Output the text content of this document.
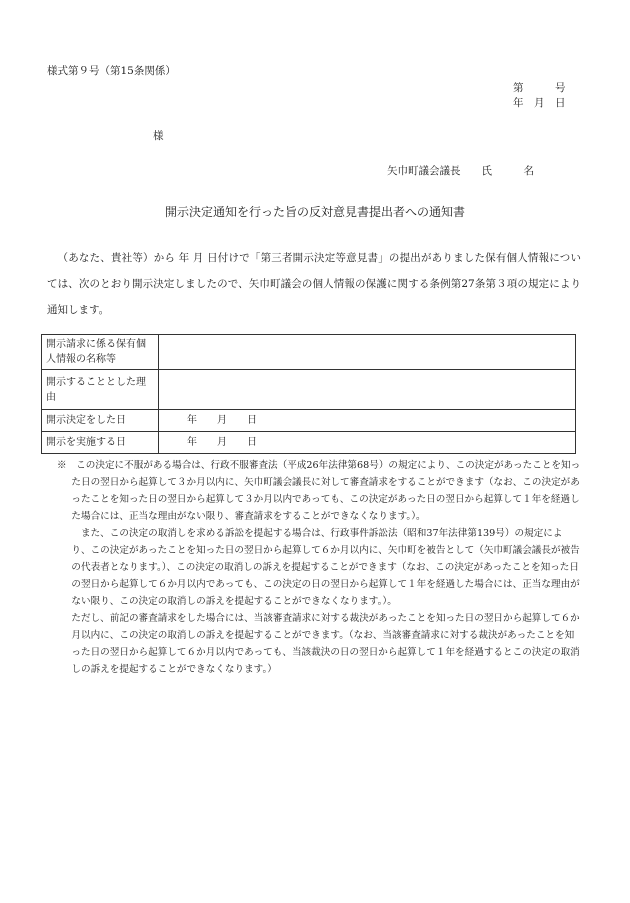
様式第９号（第15条関係）
第　　　号
年　月　日
様
矢巾町議会議長　　氏　　　名
開示決定通知を行った旨の反対意見書提出者への通知書
（あなた、貴社等）から 年 月 日付けで「第三者開示決定等意見書」の提出がありました保有個人情報については、次のとおり開示決定しましたので、矢巾町議会の個人情報の保護に関する条例第27条第３項の規定により通知します。
開示請求に係る保有個人情報の名称等	
開示することとした理由	
開示決定をした日	年　　月　　日
開示を実施する日	年　　月　　日

※　この決定に不服がある場合は、行政不服審査法（平成26年法律第68号）の規定により、この決定があったことを知った日の翌日から起算して３か月以内に、矢巾町議会議長に対して審査請求をすることができます（なお、この決定があったことを知った日の翌日から起算して３か月以内であっても、この決定があった日の翌日から起算して１年を経過した場合には、正当な理由がない限り、審査請求をすることができなくなります。）。

また、この決定の取消しを求める訴訟を提起する場合は、行政事件訴訟法（昭和37年法律第139号）の規定により、この決定があったことを知った日の翌日から起算して６か月以内に、矢巾町を被告として（矢巾町議会議長が被告の代表者となります。）、この決定の取消しの訴えを提起することができます（なお、この決定があったことを知った日の翌日から起算して６か月以内であっても、この決定の日の翌日から起算して１年を経過した場合には、正当な理由がない限り、この決定の取消しの訴えを提起することができなくなります。）。

ただし、前記の審査請求をした場合には、当該審査請求に対する裁決があったことを知った日の翌日から起算して６か月以内に、この決定の取消しの訴えを提起することができます。（なお、当該審査請求に対する裁決があったことを知った日の翌日から起算して６か月以内であっても、当該裁決の日の翌日から起算して１年を経過するとこの決定の取消しの訴えを提起することができなくなります。）
